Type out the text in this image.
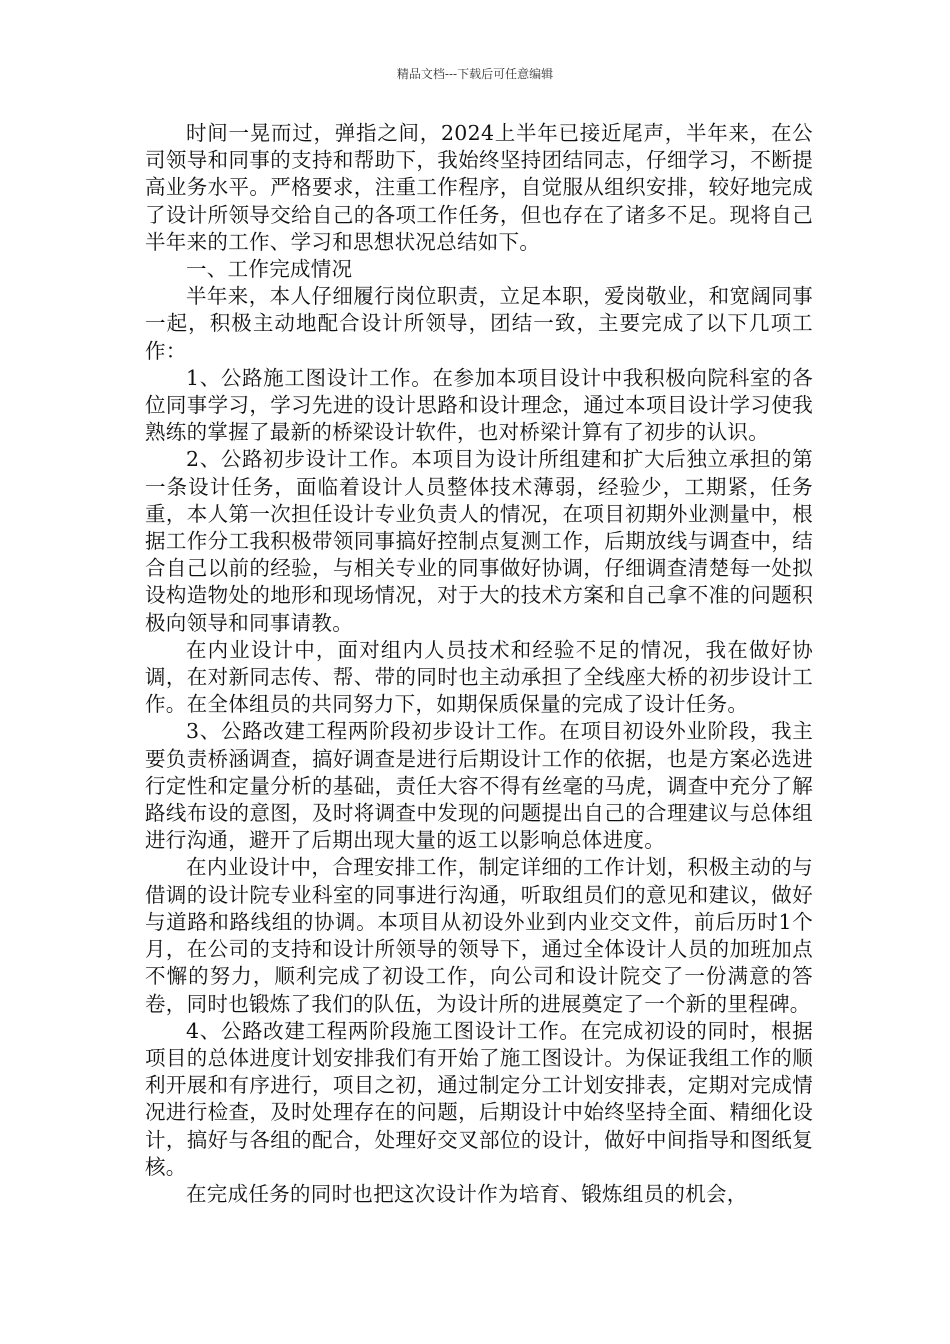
精品文档---下载后可任意编辑

时间一晃而过，弹指之间，2024上半年已接近尾声，半年来，在公司领导和同事的支持和帮助下，我始终坚持团结同志，仔细学习，不断提高业务水平。严格要求，注重工作程序，自觉服从组织安排，较好地完成了设计所领导交给自己的各项工作任务，但也存在了诸多不足。现将自己半年来的工作、学习和思想状况总结如下。

一、工作完成情况

半年来，本人仔细履行岗位职责，立足本职，爱岗敬业，和宽阔同事一起，积极主动地配合设计所领导，团结一致，主要完成了以下几项工作：

1、公路施工图设计工作。在参加本项目设计中我积极向院科室的各位同事学习，学习先进的设计思路和设计理念，通过本项目设计学习使我熟练的掌握了最新的桥梁设计软件，也对桥梁计算有了初步的认识。

2、公路初步设计工作。本项目为设计所组建和扩大后独立承担的第一条设计任务，面临着设计人员整体技术薄弱，经验少，工期紧，任务重，本人第一次担任设计专业负责人的情况，在项目初期外业测量中，根据工作分工我积极带领同事搞好控制点复测工作，后期放线与调查中，结合自己以前的经验，与相关专业的同事做好协调，仔细调查清楚每一处拟设构造物处的地形和现场情况，对于大的技术方案和自己拿不准的问题积极向领导和同事请教。

在内业设计中，面对组内人员技术和经验不足的情况，我在做好协调，在对新同志传、帮、带的同时也主动承担了全线座大桥的初步设计工作。在全体组员的共同努力下，如期保质保量的完成了设计任务。

3、公路改建工程两阶段初步设计工作。在项目初设外业阶段，我主要负责桥涵调查，搞好调查是进行后期设计工作的依据，也是方案必选进行定性和定量分析的基础，责任大容不得有丝毫的马虎，调查中充分了解路线布设的意图，及时将调查中发现的问题提出自己的合理建议与总体组进行沟通，避开了后期出现大量的返工以影响总体进度。

在内业设计中，合理安排工作，制定详细的工作计划，积极主动的与借调的设计院专业科室的同事进行沟通，听取组员们的意见和建议，做好与道路和路线组的协调。本项目从初设外业到内业交文件，前后历时1个月，在公司的支持和设计所领导的领导下，通过全体设计人员的加班加点不懈的努力，顺利完成了初设工作，向公司和设计院交了一份满意的答卷，同时也锻炼了我们的队伍，为设计所的进展奠定了一个新的里程碑。

4、公路改建工程两阶段施工图设计工作。在完成初设的同时，根据项目的总体进度计划安排我们有开始了施工图设计。为保证我组工作的顺利开展和有序进行，项目之初，通过制定分工计划安排表，定期对完成情况进行检查，及时处理存在的问题，后期设计中始终坚持全面、精细化设计，搞好与各组的配合，处理好交叉部位的设计，做好中间指导和图纸复核。

在完成任务的同时也把这次设计作为培育、锻炼组员的机会，
